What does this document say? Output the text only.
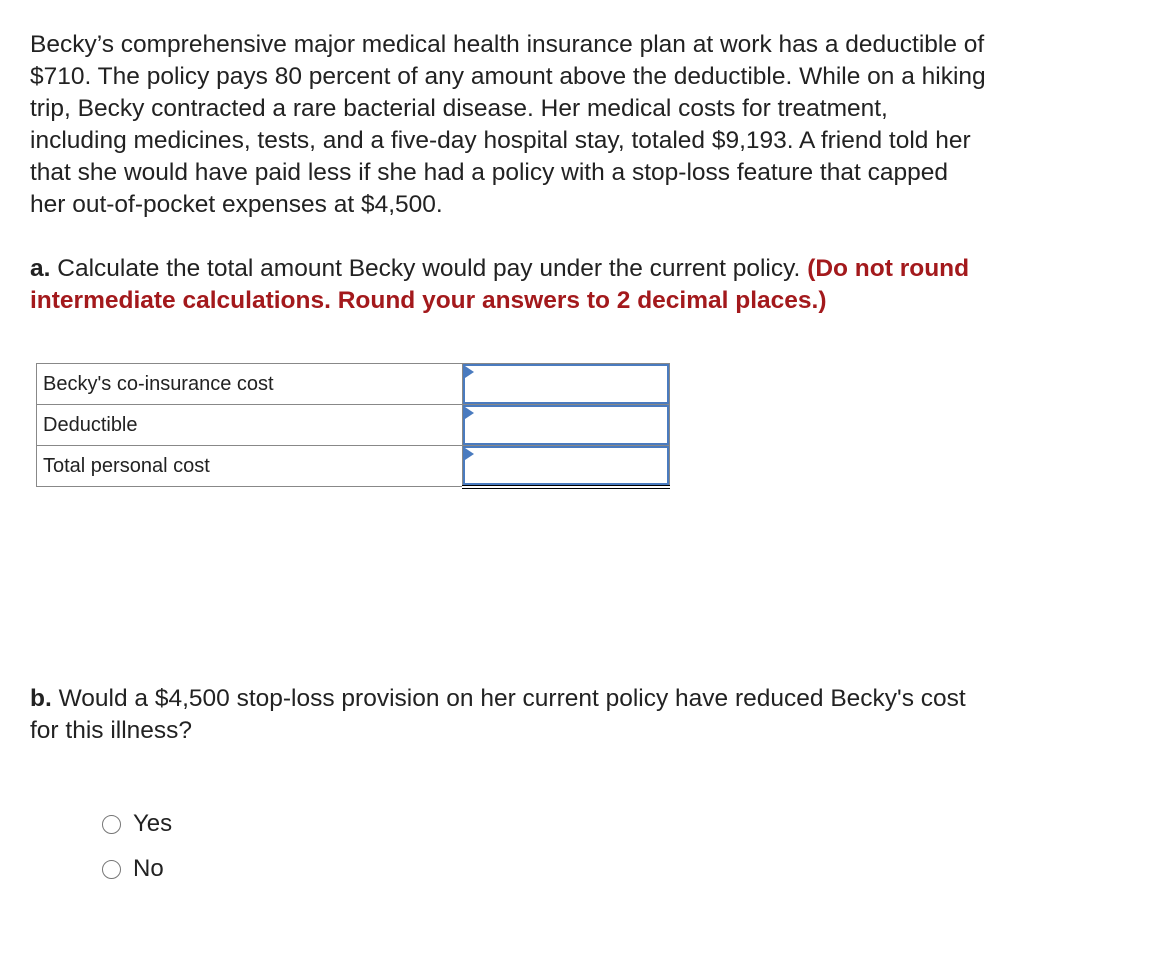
Becky’s comprehensive major medical health insurance plan at work has a deductible of
$710. The policy pays 80 percent of any amount above the deductible. While on a hiking
trip, Becky contracted a rare bacterial disease. Her medical costs for treatment,
including medicines, tests, and a five-day hospital stay, totaled $9,193. A friend told her
that she would have paid less if she had a policy with a stop-loss feature that capped
her out-of-pocket expenses at $4,500.
a. Calculate the total amount Becky would pay under the current policy. (Do not round
intermediate calculations. Round your answers to 2 decimal places.)
Becky's co-insurance cost	

Deductible	

Total personal cost	
b. Would a $4,500 stop-loss provision on her current policy have reduced Becky's cost
for this illness?
Yes
No
